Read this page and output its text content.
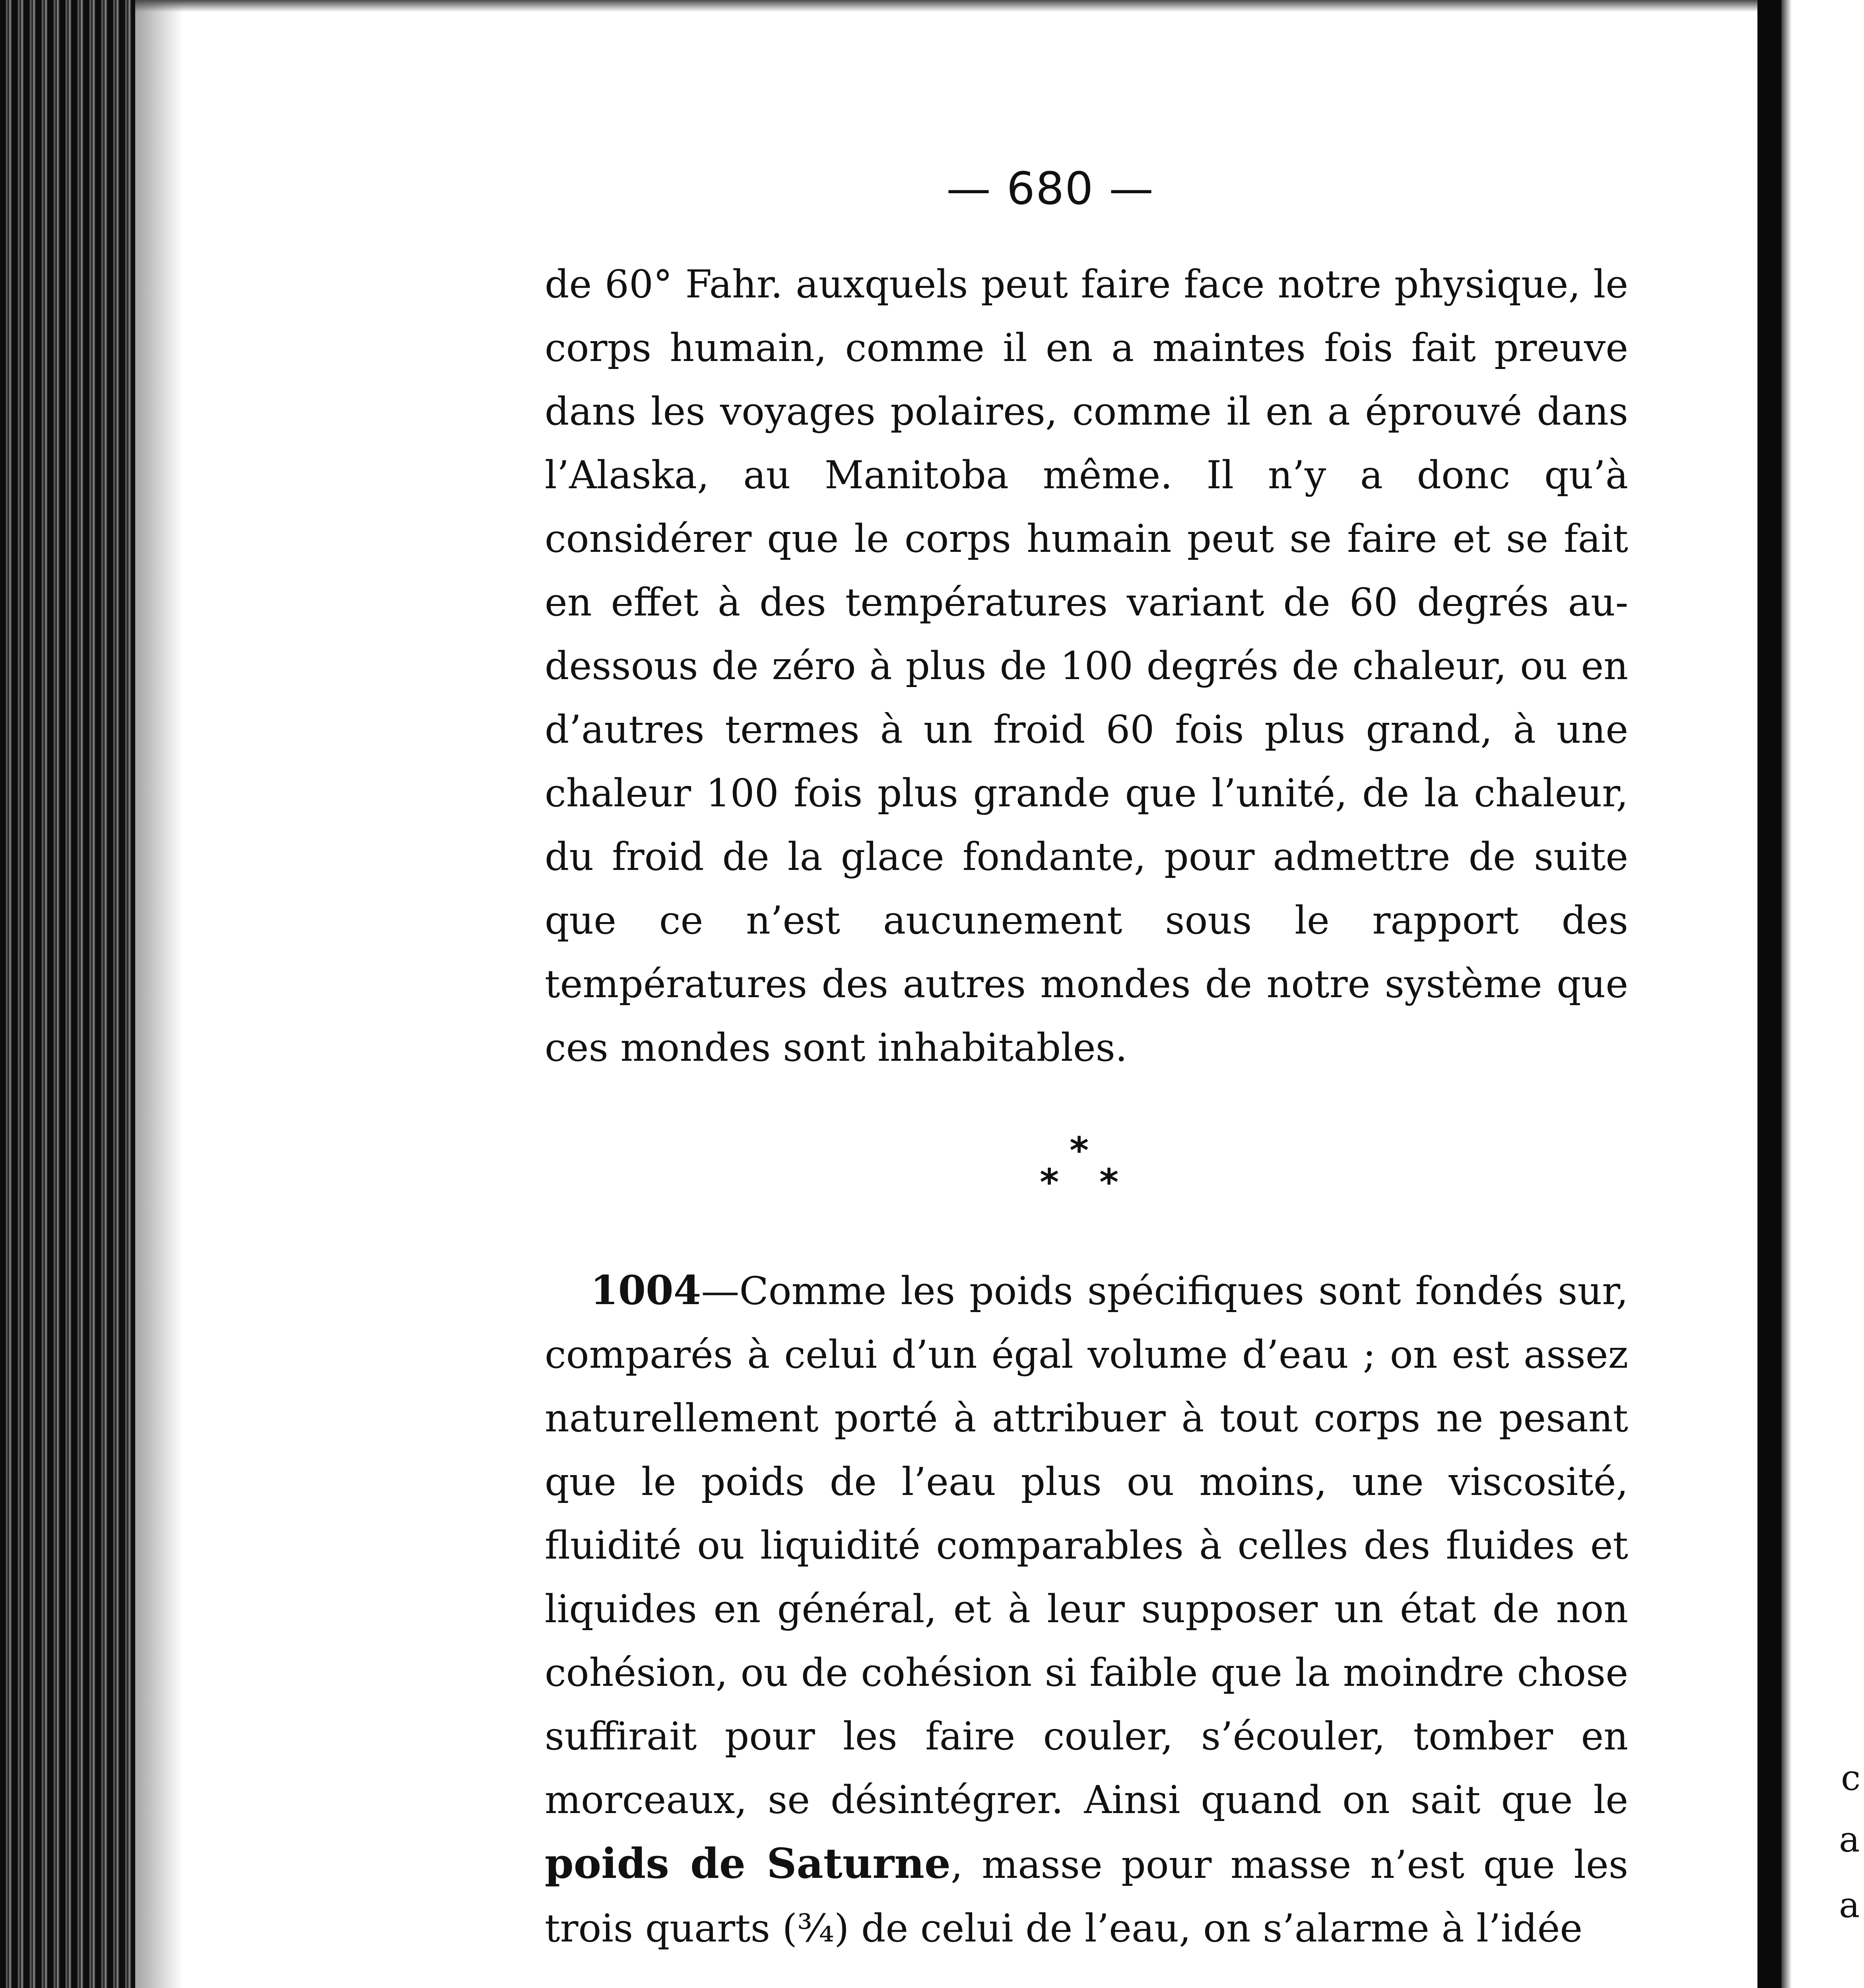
c
a
a
— 680 —

de 60° Fahr. auxquels peut faire face notre physique, le corps humain, comme il en a maintes fois fait preuve dans les voyages polaires, comme il en a éprouvé dans l’Alaska, au Manitoba même. Il n’y a donc qu’à considérer que le corps humain peut se faire et se fait en effet à des températures variant de 60 degrés au-dessous de zéro à plus de 100 degrés de chaleur, ou en d’autres termes à un froid 60 fois plus grand, à une chaleur 100 fois plus grande que l’unité, de la chaleur, du froid de la glace fondante, pour admettre de suite que ce n’est aucunement sous le rapport des températures des autres mondes de notre système que ces mondes sont inhabitables.

*
* *

1004—Comme les poids spécifiques sont fondés sur, comparés à celui d’un égal volume d’eau ; on est assez naturellement porté à attribuer à tout corps ne pesant que le poids de l’eau plus ou moins, une viscosité, fluidité ou liquidité comparables à celles des fluides et liquides en général, et à leur supposer un état de non cohésion, ou de cohésion si faible que la moindre chose suffirait pour les faire couler, s’écouler, tomber en morceaux, se désintégrer. Ainsi quand on sait que le poids de Saturne, masse pour masse n’est que les trois quarts (¾) de celui de l’eau, on s’alarme à l’idée
